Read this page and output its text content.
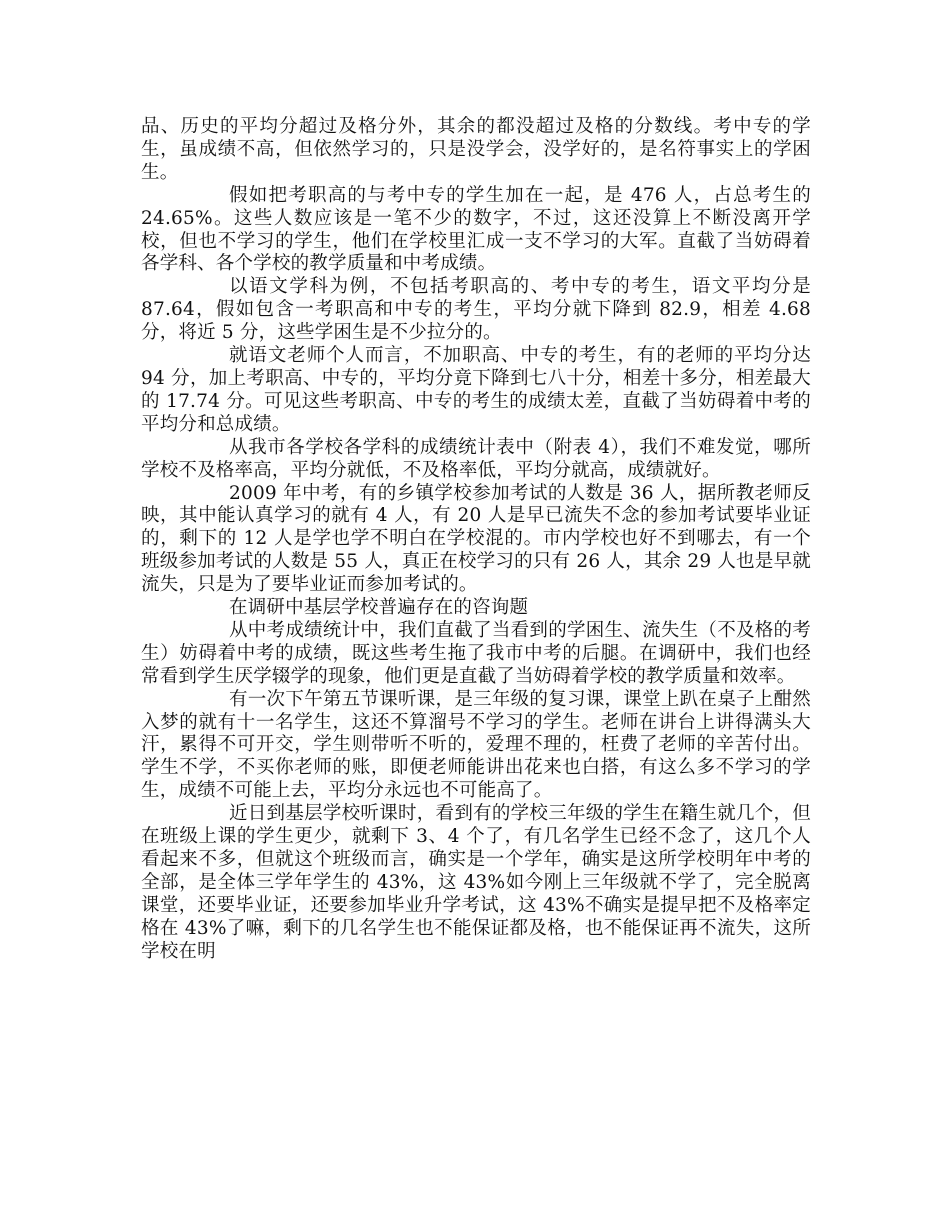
品、历史的平均分超过及格分外，其余的都没超过及格的分数线。考中专的学生，虽成绩不高，但依然学习的，只是没学会，没学好的，是名符事实上的学困生。

假如把考职高的与考中专的学生加在一起，是 476 人，占总考生的 24.65%。这些人数应该是一笔不少的数字，不过，这还没算上不断没离开学校，但也不学习的学生，他们在学校里汇成一支不学习的大军。直截了当妨碍着各学科、各个学校的教学质量和中考成绩。

以语文学科为例，不包括考职高的、考中专的考生，语文平均分是 87.64，假如包含一考职高和中专的考生，平均分就下降到 82.9，相差 4.68 分，将近 5 分，这些学困生是不少拉分的。

就语文老师个人而言，不加职高、中专的考生，有的老师的平均分达 94 分，加上考职高、中专的，平均分竟下降到七八十分，相差十多分，相差最大的 17.74 分。可见这些考职高、中专的考生的成绩太差，直截了当妨碍着中考的平均分和总成绩。

从我市各学校各学科的成绩统计表中（附表 4），我们不难发觉，哪所学校不及格率高，平均分就低，不及格率低，平均分就高，成绩就好。

2009 年中考，有的乡镇学校参加考试的人数是 36 人，据所教老师反映，其中能认真学习的就有 4 人，有 20 人是早已流失不念的参加考试要毕业证的，剩下的 12 人是学也学不明白在学校混的。市内学校也好不到哪去，有一个班级参加考试的人数是 55 人，真正在校学习的只有 26 人，其余 29 人也是早就流失，只是为了要毕业证而参加考试的。

在调研中基层学校普遍存在的咨询题

从中考成绩统计中，我们直截了当看到的学困生、流失生（不及格的考生）妨碍着中考的成绩，既这些考生拖了我市中考的后腿。在调研中，我们也经常看到学生厌学辍学的现象，他们更是直截了当妨碍着学校的教学质量和效率。

有一次下午第五节课听课，是三年级的复习课，课堂上趴在桌子上酣然入梦的就有十一名学生，这还不算溜号不学习的学生。老师在讲台上讲得满头大汗，累得不可开交，学生则带听不听的，爱理不理的，枉费了老师的辛苦付出。学生不学，不买你老师的账，即便老师能讲出花来也白搭，有这么多不学习的学生，成绩不可能上去，平均分永远也不可能高了。

近日到基层学校听课时，看到有的学校三年级的学生在籍生就几个，但在班级上课的学生更少，就剩下 3、4 个了，有几名学生已经不念了，这几个人看起来不多，但就这个班级而言，确实是一个学年，确实是这所学校明年中考的全部，是全体三学年学生的 43%，这 43%如今刚上三年级就不学了，完全脱离课堂，还要毕业证，还要参加毕业升学考试，这 43%不确实是提早把不及格率定格在 43%了嘛，剩下的几名学生也不能保证都及格，也不能保证再不流失，这所学校在明
